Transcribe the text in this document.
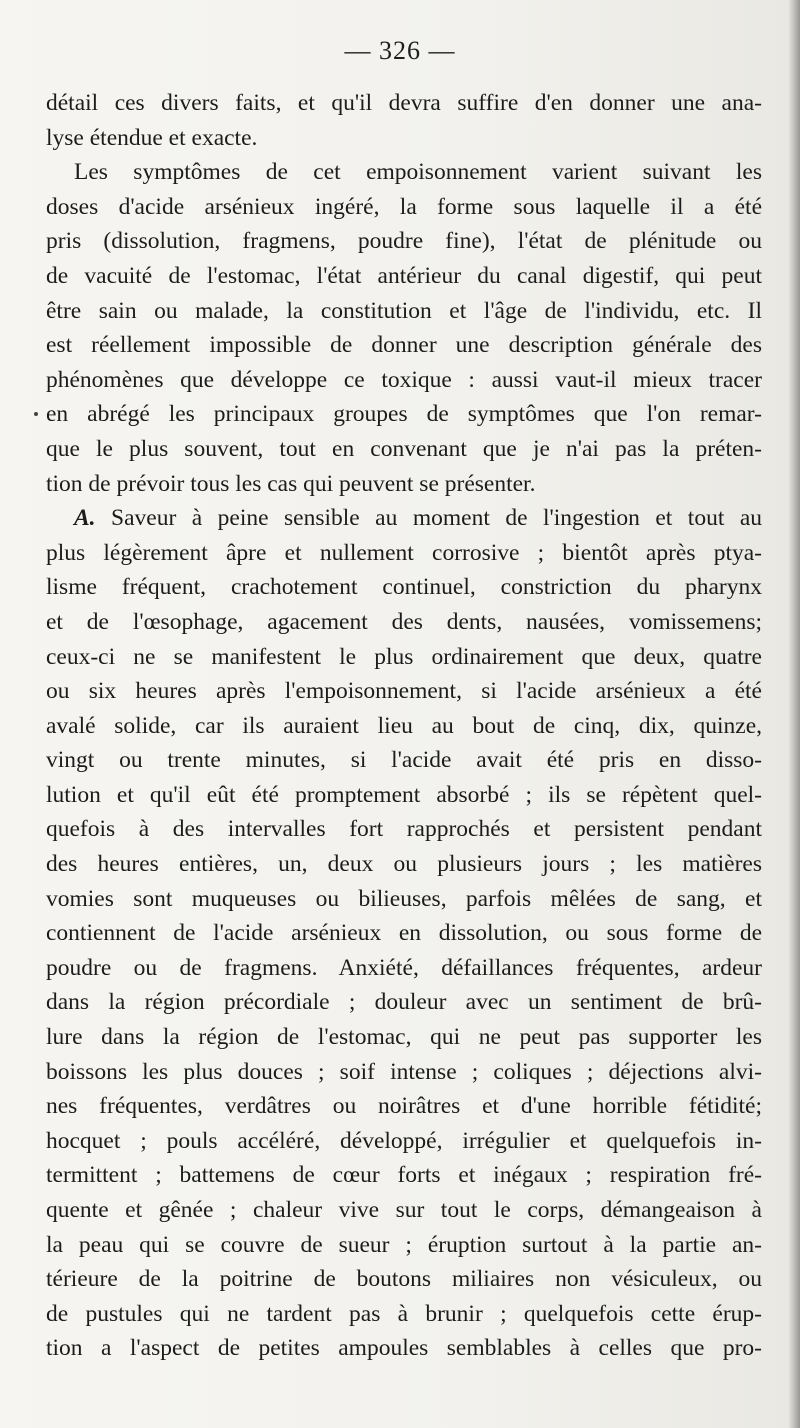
— 326 —
détail ces divers faits, et qu'il devra suffire d'en donner une ana-
lyse étendue et exacte.
Les symptômes de cet empoisonnement varient suivant les
doses d'acide arsénieux ingéré, la forme sous laquelle il a été
pris (dissolution, fragmens, poudre fine), l'état de plénitude ou
de vacuité de l'estomac, l'état antérieur du canal digestif, qui peut
être sain ou malade, la constitution et l'âge de l'individu, etc. Il
est réellement impossible de donner une description générale des
phénomènes que développe ce toxique : aussi vaut-il mieux tracer
en abrégé les principaux groupes de symptômes que l'on remar-
que le plus souvent, tout en convenant que je n'ai pas la préten-
tion de prévoir tous les cas qui peuvent se présenter.
A. Saveur à peine sensible au moment de l'ingestion et tout au
plus légèrement âpre et nullement corrosive ; bientôt après ptya-
lisme fréquent, crachotement continuel, constriction du pharynx
et de l'œsophage, agacement des dents, nausées, vomissemens;
ceux-ci ne se manifestent le plus ordinairement que deux, quatre
ou six heures après l'empoisonnement, si l'acide arsénieux a été
avalé solide, car ils auraient lieu au bout de cinq, dix, quinze,
vingt ou trente minutes, si l'acide avait été pris en disso-
lution et qu'il eût été promptement absorbé ; ils se répètent quel-
quefois à des intervalles fort rapprochés et persistent pendant
des heures entières, un, deux ou plusieurs jours ; les matières
vomies sont muqueuses ou bilieuses, parfois mêlées de sang, et
contiennent de l'acide arsénieux en dissolution, ou sous forme de
poudre ou de fragmens. Anxiété, défaillances fréquentes, ardeur
dans la région précordiale ; douleur avec un sentiment de brû-
lure dans la région de l'estomac, qui ne peut pas supporter les
boissons les plus douces ; soif intense ; coliques ; déjections alvi-
nes fréquentes, verdâtres ou noirâtres et d'une horrible fétidité;
hocquet ; pouls accéléré, développé, irrégulier et quelquefois in-
termittent ; battemens de cœur forts et inégaux ; respiration fré-
quente et gênée ; chaleur vive sur tout le corps, démangeaison à
la peau qui se couvre de sueur ; éruption surtout à la partie an-
térieure de la poitrine de boutons miliaires non vésiculeux, ou
de pustules qui ne tardent pas à brunir ; quelquefois cette érup-
tion a l'aspect de petites ampoules semblables à celles que pro-
